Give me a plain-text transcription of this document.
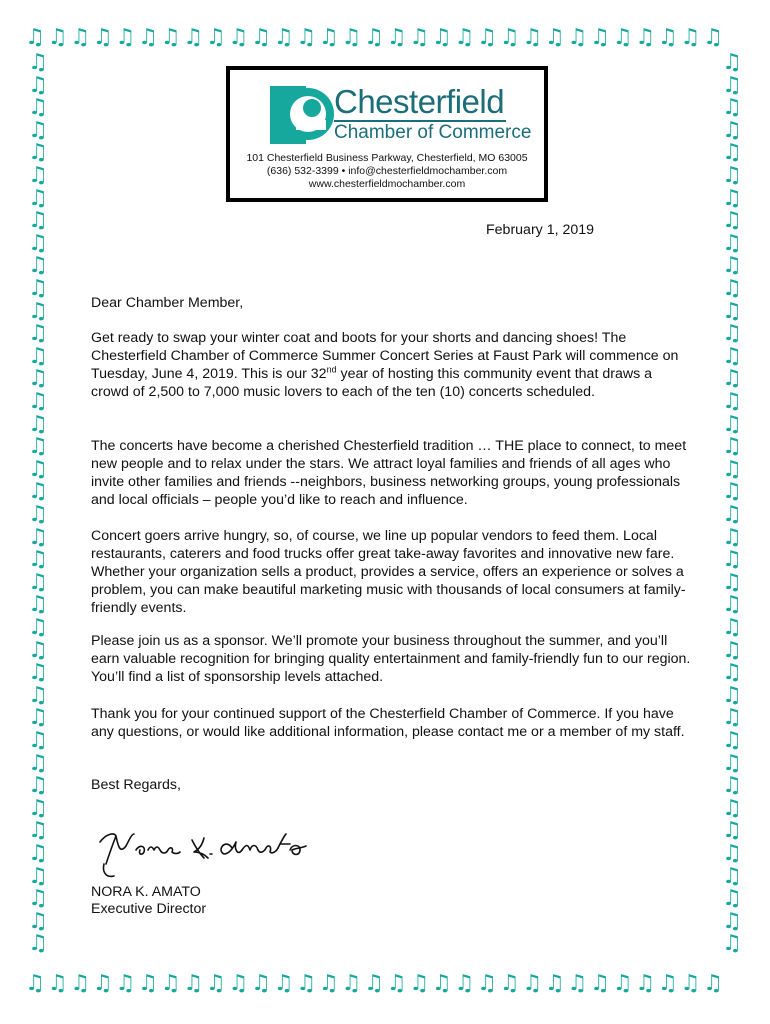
♫ ♫ ♫ ♫ ♫ ♫ ♫ ♫ ♫ ♫ ♫ ♫ ♫ ♫ ♫ ♫ ♫ ♫ ♫ ♫ ♫ ♫ ♫ ♫ ♫ ♫ ♫ ♫ ♫ ♫ ♫
♫ ♫ ♫ ♫ ♫ ♫ ♫ ♫ ♫ ♫ ♫ ♫ ♫ ♫ ♫ ♫ ♫ ♫ ♫ ♫ ♫ ♫ ♫ ♫ ♫ ♫ ♫ ♫ ♫ ♫ ♫
♫
♫
♫
♫
♫
♫
♫
♫
♫
♫
♫
♫
♫
♫
♫
♫
♫
♫
♫
♫
♫
♫
♫
♫
♫
♫
♫
♫
♫
♫
♫
♫
♫
♫
♫
♫
♫
♫
♫
♫
♫
♫
♫
♫
♫
♫
♫
♫
♫
♫
♫
♫
♫
♫
♫
♫
♫
♫
♫
♫
♫
♫
♫
♫
♫
♫
♫
♫
♫
♫
♫
♫
♫
♫
♫
♫
♫
♫
♫
♫
Chesterfield
Chamber of Commerce
101 Chesterfield Business Parkway, Chesterfield, MO 63005
(636) 532-3399 • info@chesterfieldmochamber.com
www.chesterfieldmochamber.com
February 1, 2019
Dear Chamber Member,

Get ready to swap your winter coat and boots for your shorts and dancing shoes! The Chesterfield Chamber of Commerce Summer Concert Series at Faust Park will commence on Tuesday, June 4, 2019. This is our 32nd year of hosting this community event that draws a crowd of 2,500 to 7,000 music lovers to each of the ten (10) concerts scheduled.

The concerts have become a cherished Chesterfield tradition … THE place to connect, to meet new people and to relax under the stars. We attract loyal families and friends of all ages who invite other families and friends --neighbors, business networking groups, young professionals and local officials – people you’d like to reach and influence.

Concert goers arrive hungry, so, of course, we line up popular vendors to feed them. Local restaurants, caterers and food trucks offer great take-away favorites and innovative new fare. Whether your organization sells a product, provides a service, offers an experience or solves a problem, you can make beautiful marketing music with thousands of local consumers at family-friendly events.

Please join us as a sponsor. We’ll promote your business throughout the summer, and you’ll earn valuable recognition for bringing quality entertainment and family-friendly fun to our region. You’ll find a list of sponsorship levels attached.

Thank you for your continued support of the Chesterfield Chamber of Commerce. If you have any questions, or would like additional information, please contact me or a member of my staff.

Best Regards,
Nora K. Amato
NORA K. AMATO
Executive Director
